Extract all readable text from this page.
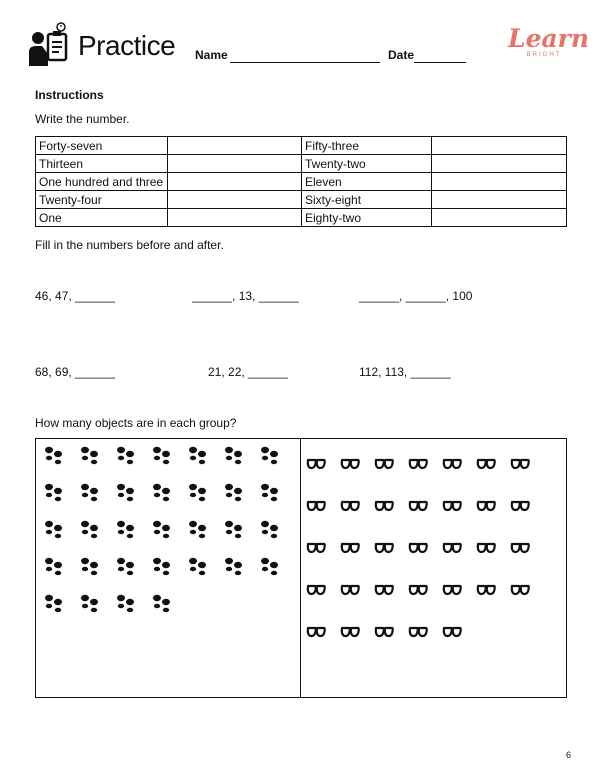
Practice Name	Date
Learn
BRIGHT
Instructions
Write the number.
Forty-seven		Fifty-three	
Thirteen		Twenty-two	
One hundred and three		Eleven	
Twenty-four		Sixty-eight	
One		Eighty-two	
Fill in the numbers before and after.
46, 47, ______	______, 13, ______	______, ______, 100
68, 69, ______	21, 22, ______	112, 113, ______
How many objects are in each group?
6
